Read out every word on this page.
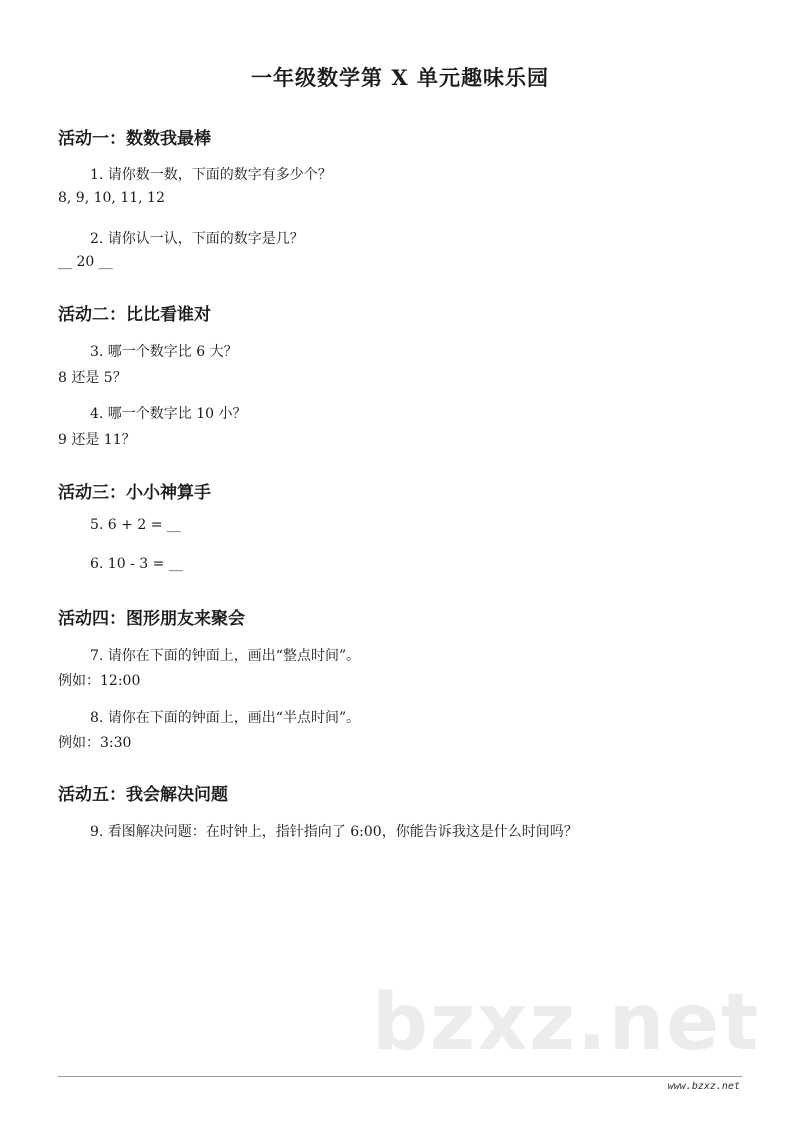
一年级数学第 X 单元趣味乐园
活动一：数数我最棒
1. 请你数一数，下面的数字有多少个？
8, 9, 10, 11, 12
2. 请你认一认，下面的数字是几？
__ 20 __
活动二：比比看谁对
3. 哪一个数字比 6 大？
8 还是 5？
4. 哪一个数字比 10 小？
9 还是 11？
活动三：小小神算手
5. 6 + 2 = __
6. 10 - 3 = __
活动四：图形朋友来聚会
7. 请你在下面的钟面上，画出“整点时间”。
例如：12:00
8. 请你在下面的钟面上，画出“半点时间”。
例如：3:30
活动五：我会解决问题
9. 看图解决问题：在时钟上，指针指向了 6:00，你能告诉我这是什么时间吗？
bzxz.net
www.bzxz.net
